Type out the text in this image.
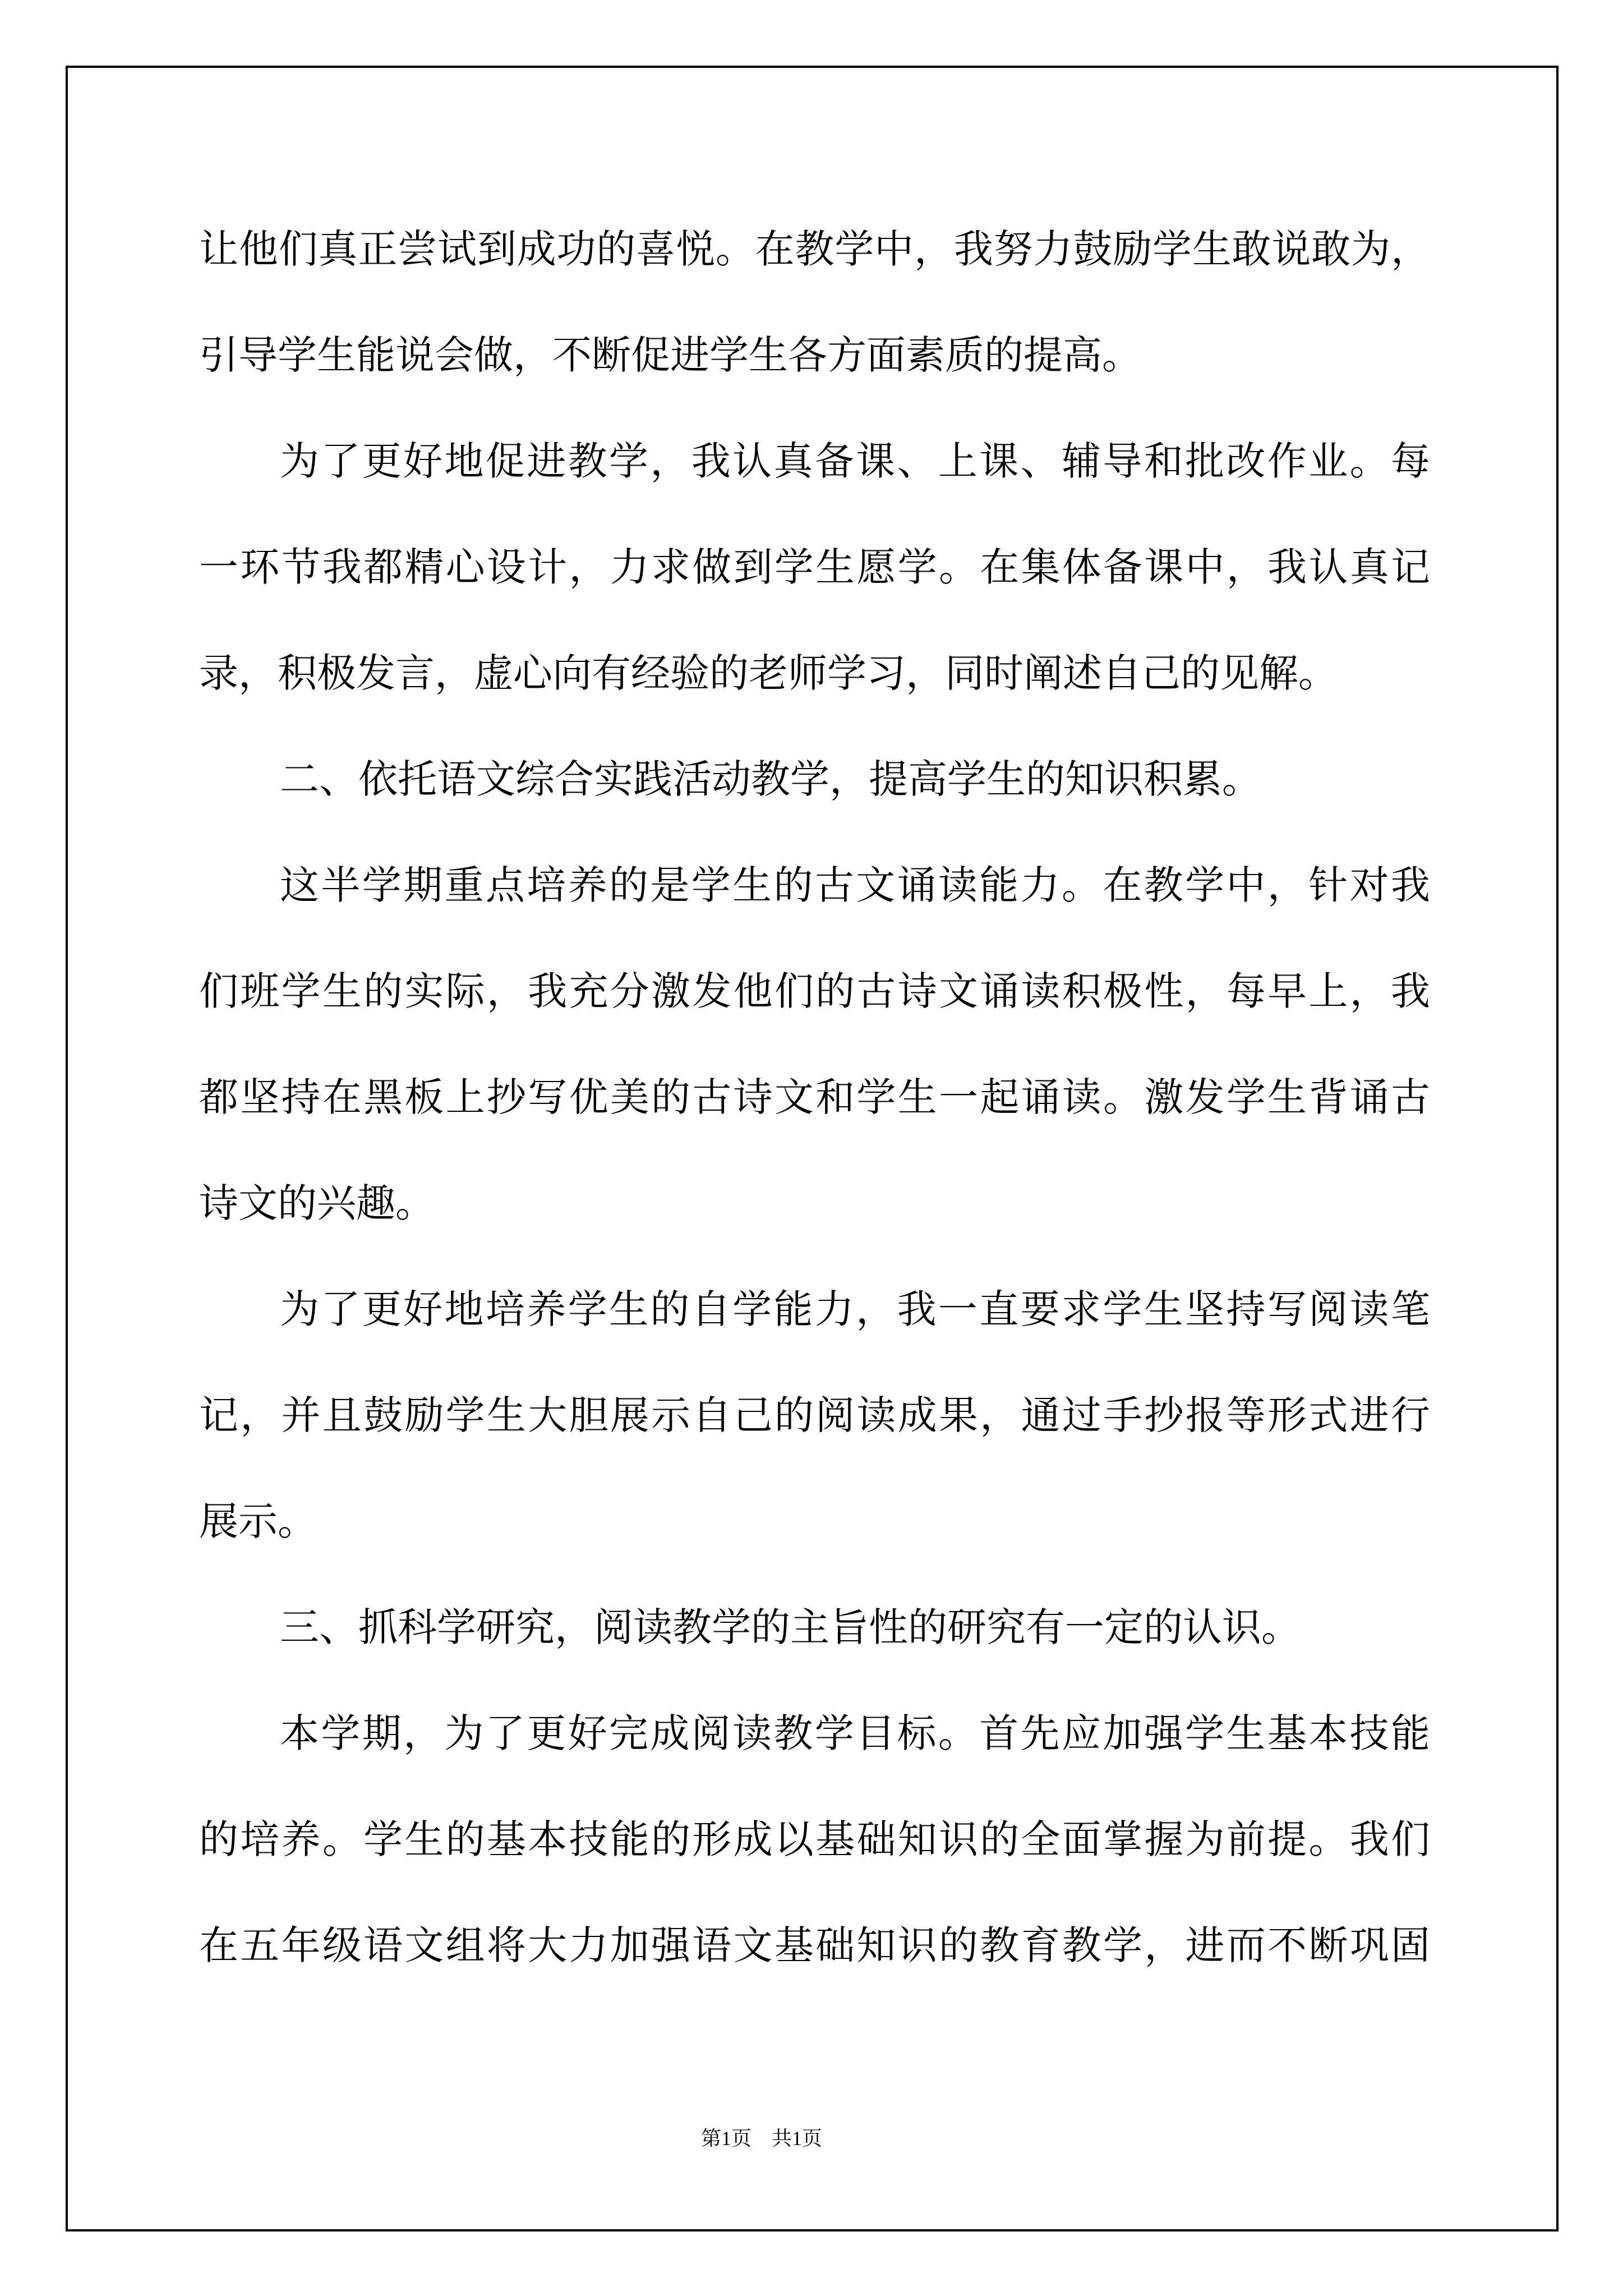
让他们真正尝试到成功的喜悦。在教学中，我努力鼓励学生敢说敢为，
引导学生能说会做，不断促进学生各方面素质的提高。
为了更好地促进教学，我认真备课、上课、辅导和批改作业。每
一环节我都精心设计，力求做到学生愿学。在集体备课中，我认真记
录，积极发言，虚心向有经验的老师学习，同时阐述自己的见解。
二、依托语文综合实践活动教学，提高学生的知识积累。
这半学期重点培养的是学生的古文诵读能力。在教学中，针对我
们班学生的实际，我充分激发他们的古诗文诵读积极性，每早上，我
都坚持在黑板上抄写优美的古诗文和学生一起诵读。激发学生背诵古
诗文的兴趣。
为了更好地培养学生的自学能力，我一直要求学生坚持写阅读笔
记，并且鼓励学生大胆展示自己的阅读成果，通过手抄报等形式进行
展示。
三、抓科学研究，阅读教学的主旨性的研究有一定的认识。
本学期，为了更好完成阅读教学目标。首先应加强学生基本技能
的培养。学生的基本技能的形成以基础知识的全面掌握为前提。我们
在五年级语文组将大力加强语文基础知识的教育教学，进而不断巩固
第1页　共1页
